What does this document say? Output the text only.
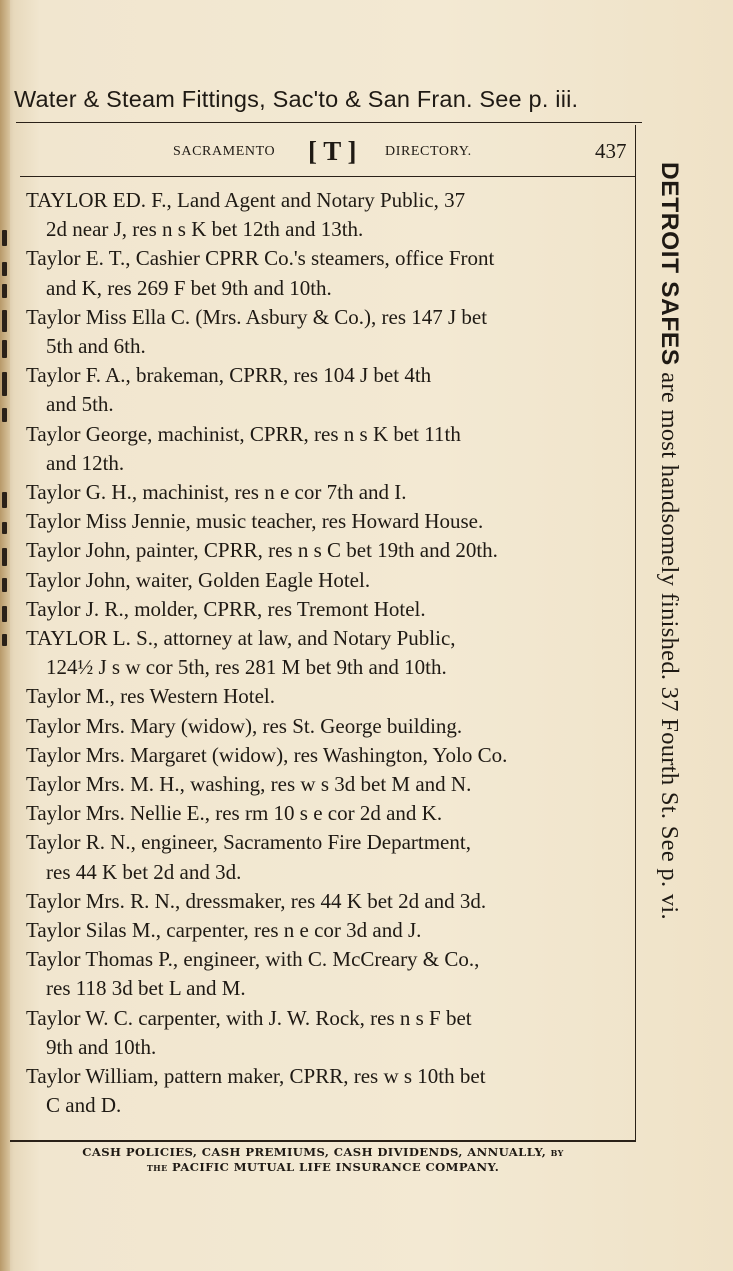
Water & Steam Fittings, Sac'to & San Fran. See p. iii.
SACRAMENTO [ T ] DIRECTORY.	437
TAYLOR ED. F., Land Agent and Notary Public, 37
2d near J, res n s K bet 12th and 13th.
Taylor E. T., Cashier CPRR Co.'s steamers, office Front
and K, res 269 F bet 9th and 10th.
Taylor Miss Ella C. (Mrs. Asbury & Co.), res 147 J bet
5th and 6th.
Taylor F. A., brakeman, CPRR, res 104 J bet 4th
and 5th.
Taylor George, machinist, CPRR, res n s K bet 11th
and 12th.
Taylor G. H., machinist, res n e cor 7th and I.
Taylor Miss Jennie, music teacher, res Howard House.
Taylor John, painter, CPRR, res n s C bet 19th and 20th.
Taylor John, waiter, Golden Eagle Hotel.
Taylor J. R., molder, CPRR, res Tremont Hotel.
TAYLOR L. S., attorney at law, and Notary Public,
124½ J s w cor 5th, res 281 M bet 9th and 10th.
Taylor M., res Western Hotel.
Taylor Mrs. Mary (widow), res St. George building.
Taylor Mrs. Margaret (widow), res Washington, Yolo Co.
Taylor Mrs. M. H., washing, res w s 3d bet M and N.
Taylor Mrs. Nellie E., res rm 10 s e cor 2d and K.
Taylor R. N., engineer, Sacramento Fire Department,
res 44 K bet 2d and 3d.
Taylor Mrs. R. N., dressmaker, res 44 K bet 2d and 3d.
Taylor Silas M., carpenter, res n e cor 3d and J.
Taylor Thomas P., engineer, with C. McCreary & Co.,
res 118 3d bet L and M.
Taylor W. C. carpenter, with J. W. Rock, res n s F bet
9th and 10th.
Taylor William, pattern maker, CPRR, res w s 10th bet
C and D.
CASH POLICIES, CASH PREMIUMS, CASH DIVIDENDS, ANNUALLY, by
the PACIFIC MUTUAL LIFE INSURANCE COMPANY.
DETROIT SAFES are most handsomely finished. 37 Fourth St. See p. vi.
